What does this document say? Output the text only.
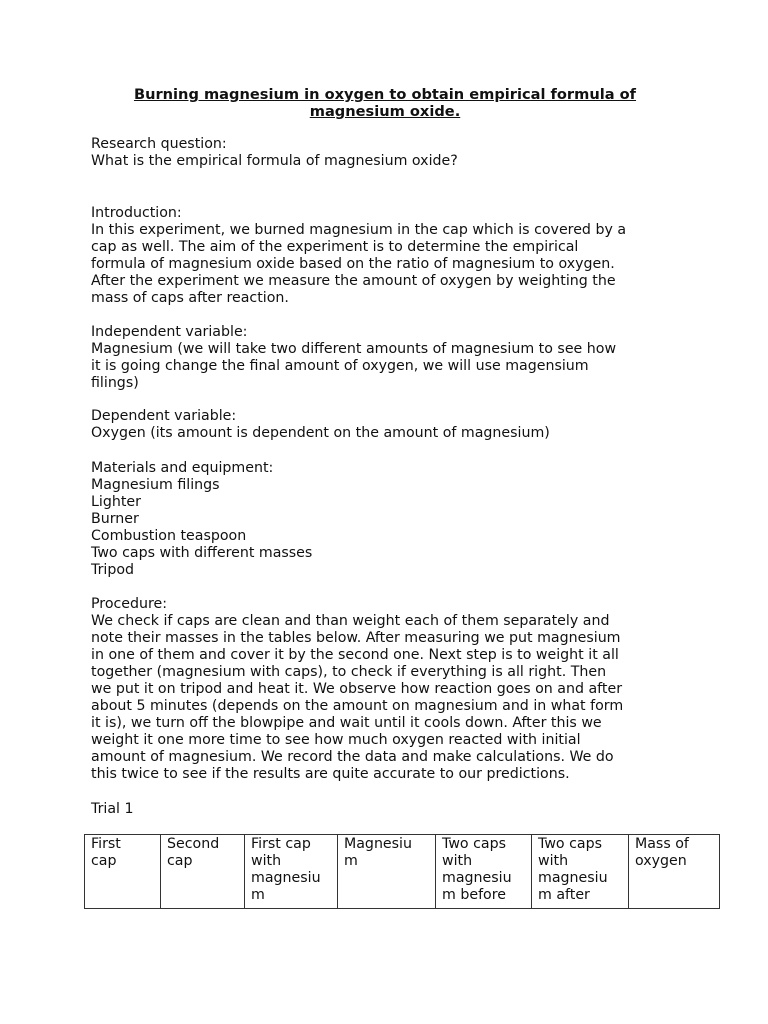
Burning magnesium in oxygen to obtain empirical formula of
magnesium oxide.
Research question:
What is the empirical formula of magnesium oxide?
Introduction:
In this experiment, we burned magnesium in the cap which is covered by a
cap as well. The aim of the experiment is to determine the empirical
formula of magnesium oxide based on the ratio of magnesium to oxygen.
After the experiment we measure the amount of oxygen by weighting the
mass of caps after reaction.
Independent variable:
Magnesium (we will take two different amounts of magnesium to see how
it is going change the final amount of oxygen, we will use magensium
filings)
Dependent variable:
Oxygen (its amount is dependent on the amount of magnesium)
Materials and equipment:
Magnesium filings
Lighter
Burner
Combustion teaspoon
Two caps with different masses
Tripod
Procedure:
We check if caps are clean and than weight each of them separately and
note their masses in the tables below. After measuring we put magnesium
in one of them and cover it by the second one. Next step is to weight it all
together (magnesium with caps), to check if everything is all right. Then
we put it on tripod and heat it. We observe how reaction goes on and after
about 5 minutes (depends on the amount on magnesium and in what form
it is), we turn off the blowpipe and wait until it cools down. After this we
weight it one more time to see how much oxygen reacted with initial
amount of magnesium. We record the data and make calculations. We do
this twice to see if the results are quite accurate to our predictions.
Trial 1
First
cap

Second
cap

First cap
with
magnesiu
m

Magnesiu
m

Two caps
with
magnesiu
m before

Two caps
with
magnesiu
m after

Mass of
oxygen
